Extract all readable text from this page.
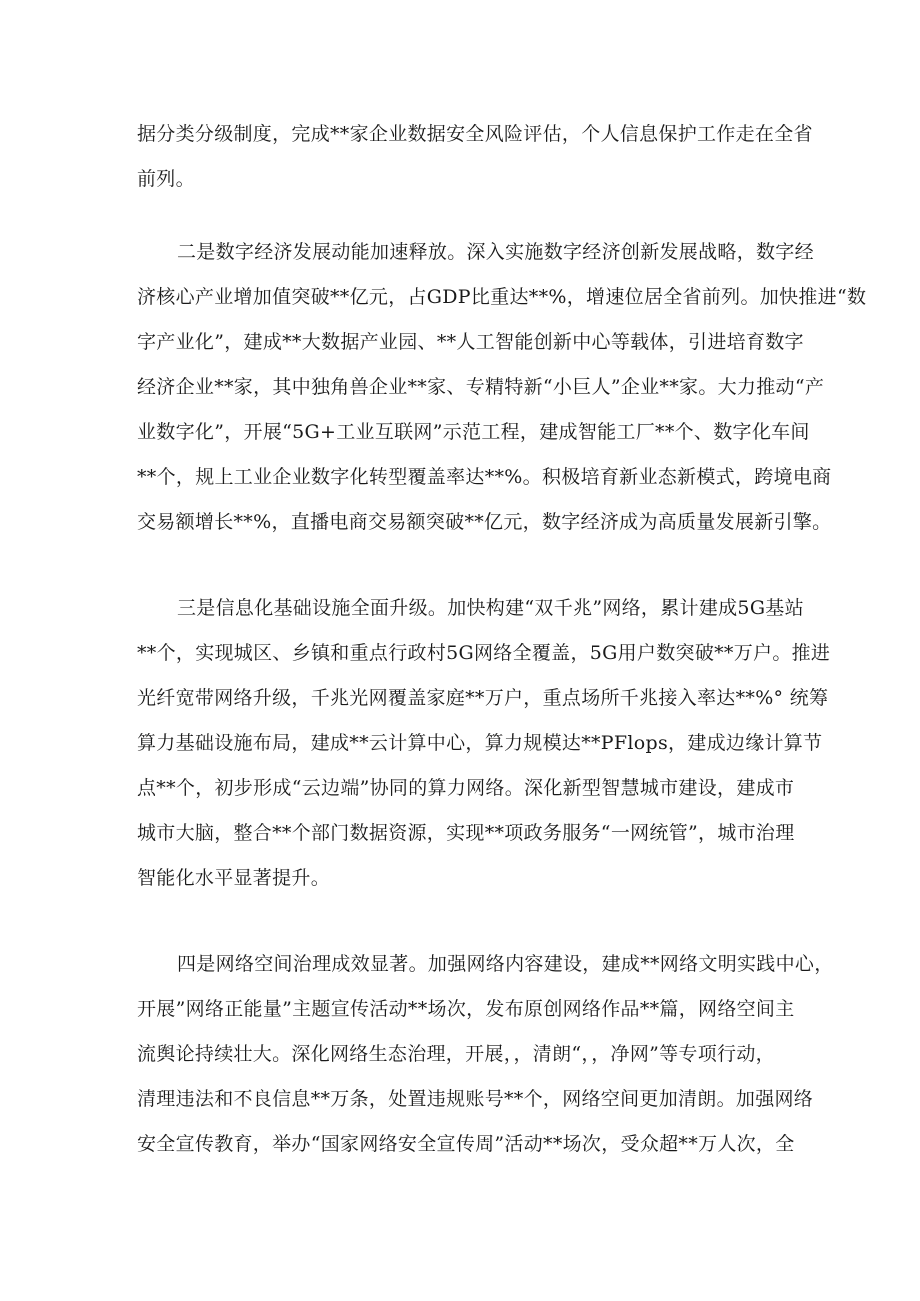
据分类分级制度，完成**家企业数据安全风险评估，个人信息保护工作走在全省
前列。
二是数字经济发展动能加速释放。深入实施数字经济创新发展战略，数字经
济核心产业增加值突破**亿元，占GDP比重达**%，增速位居全省前列。加快推进“数
字产业化”，建成**大数据产业园、**人工智能创新中心等载体，引进培育数字
经济企业**家，其中独角兽企业**家、专精特新“小巨人”企业**家。大力推动“产
业数字化”，开展“5G+工业互联网”示范工程，建成智能工厂**个、数字化车间
**个，规上工业企业数字化转型覆盖率达**%。积极培育新业态新模式，跨境电商
交易额增长**%，直播电商交易额突破**亿元，数字经济成为高质量发展新引擎。
三是信息化基础设施全面升级。加快构建“双千兆”网络，累计建成5G基站
**个，实现城区、乡镇和重点行政村5G网络全覆盖，5G用户数突破**万户。推进
光纤宽带网络升级，千兆光网覆盖家庭**万户，重点场所千兆接入率达**%° 统筹
算力基础设施布局，建成**云计算中心，算力规模达**PFlops，建成边缘计算节
点**个，初步形成“云边端”协同的算力网络。深化新型智慧城市建设，建成市
城市大脑，整合**个部门数据资源，实现**项政务服务“一网统管”，城市治理
智能化水平显著提升。
四是网络空间治理成效显著。加强网络内容建设，建成**网络文明实践中心，
开展”网络正能量”主题宣传活动**场次，发布原创网络作品**篇，网络空间主
流舆论持续壮大。深化网络生态治理，开展，，清朗“，，净网”等专项行动，
清理违法和不良信息**万条，处置违规账号**个，网络空间更加清朗。加强网络
安全宣传教育，举办“国家网络安全宣传周”活动**场次，受众超**万人次，全
